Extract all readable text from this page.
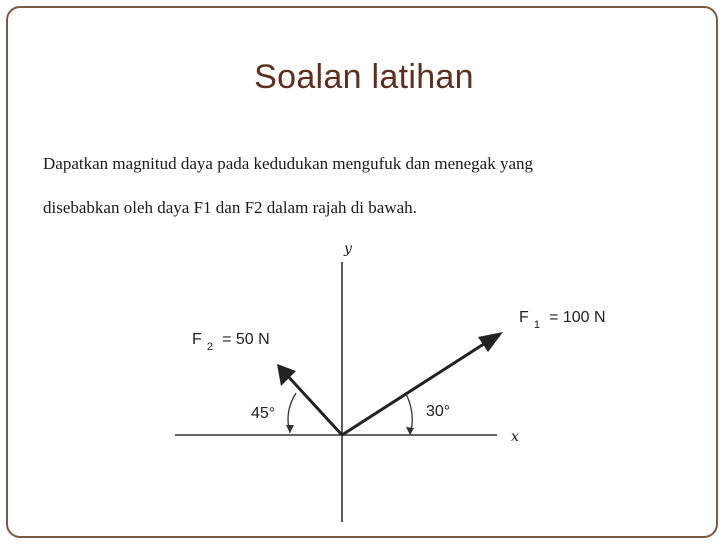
Soalan latihan
Dapatkan magnitud daya pada kedudukan mengufuk dan menegak yang
disebabkan oleh daya F1 dan F2 dalam rajah di bawah.
y
x
F $_1$ = 100 N
F $_2$ = 50 N
45°	30°
